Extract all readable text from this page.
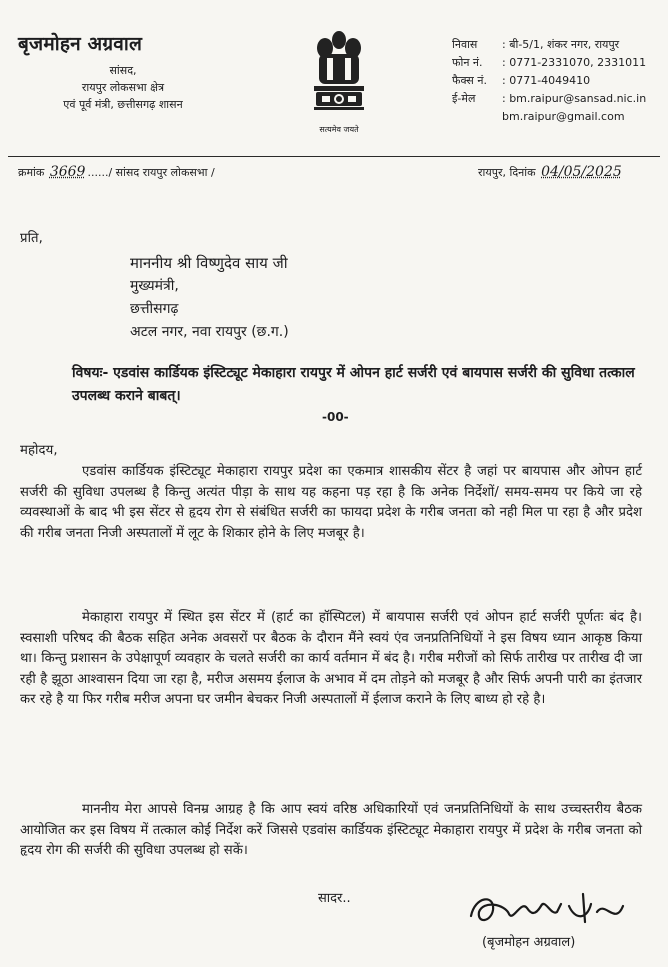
बृजमोहन अग्रवाल
सांसद,
रायपुर लोकसभा क्षेत्र
एवं पूर्व मंत्री, छत्तीसगढ़ शासन
सत्यमेव जयते
निवास	: बी-5/1, शंकर नगर, रायपुर
फोन नं.	: 0771-2331070, 2331011
फैक्स नं.	: 0771-4049410
ई-मेल	: bm.raipur@sansad.nic.in
bm.raipur@gmail.com
क्रमांक 3669 ....../ सांसद रायपुर लोकसभा /	रायपुर, दिनांक 04/05/2025
प्रति,
माननीय श्री विष्णुदेव साय जी
मुख्यमंत्री,
छत्तीसगढ़
अटल नगर, नवा रायपुर (छ.ग.)
विषयः- एडवांस कार्डियक इंस्टिट्यूट मेकाहारा रायपुर में ओपन हार्ट सर्जरी एवं बायपास सर्जरी की सुविधा तत्काल उपलब्ध कराने बाबत्।
-00-
महोदय,

एडवांस कार्डियक इंस्टिट्यूट मेकाहारा रायपुर प्रदेश का एकमात्र शासकीय सेंटर है जहां पर बायपास और ओपन हार्ट सर्जरी की सुविधा उपलब्ध है किन्तु अत्यंत पीड़ा के साथ यह कहना पड़ रहा है कि अनेक निर्देशों/ समय-समय पर किये जा रहे व्यवस्थाओं के बाद भी इस सेंटर से हृदय रोग से संबंधित सर्जरी का फायदा प्रदेश के गरीब जनता को नही मिल पा रहा है और प्रदेश की गरीब जनता निजी अस्पतालों में लूट के शिकार होने के लिए मजबूर है।

मेकाहारा रायपुर में स्थित इस सेंटर में (हार्ट का हॉस्पिटल) में बायपास सर्जरी एवं ओपन हार्ट सर्जरी पूर्णतः बंद है। स्वसाशी परिषद की बैठक सहित अनेक अवसरों पर बैठक के दौरान मैंने स्वयं एंव जनप्रतिनिधियों ने इस विषय ध्यान आकृष्ठ किया था। किन्तु प्रशासन के उपेक्षापूर्ण व्यवहार के चलते सर्जरी का कार्य वर्तमान में बंद है। गरीब मरीजों को सिर्फ तारीख पर तारीख दी जा रही है झूठा आश्वासन दिया जा रहा है, मरीज असमय ईलाज के अभाव में दम तोड़ने को मजबूर है और सिर्फ अपनी पारी का इंतजार कर रहे है या फिर गरीब मरीज अपना घर जमीन बेचकर निजी अस्पतालों में ईलाज कराने के लिए बाध्य हो रहे है।

माननीय मेरा आपसे विनम्र आग्रह है कि आप स्वयं वरिष्ठ अधिकारियों एवं जनप्रतिनिधियों के साथ उच्चस्तरीय बैठक आयोजित कर इस विषय में तत्काल कोई निर्देश करें जिससे एडवांस कार्डियक इंस्टिट्यूट मेकाहारा रायपुर में प्रदेश के गरीब जनता को हृदय रोग की सर्जरी की सुविधा उपलब्ध हो सकें।

सादर..
(बृजमोहन अग्रवाल)
